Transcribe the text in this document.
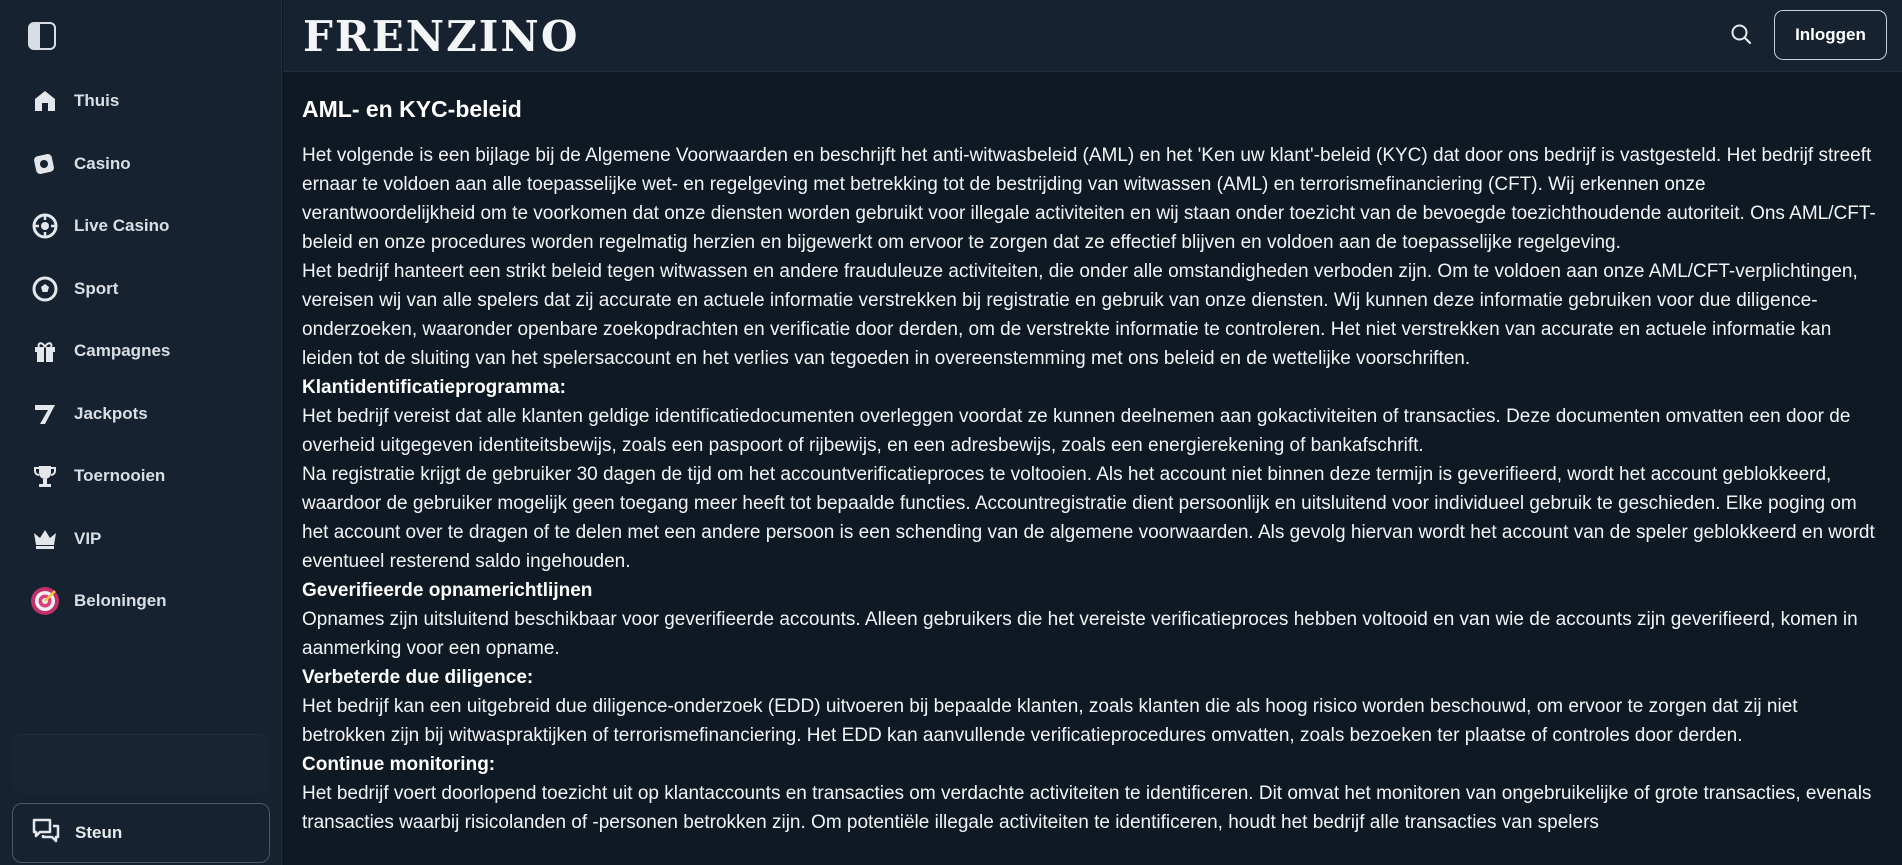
‹
Thuis
Casino
Live Casino
Sport
Campagnes
Jackpots
Toernooien
VIP
Beloningen
Steun
FRENZINO	Inloggen
AML- en KYC-beleid

Het volgende is een bijlage bij de Algemene Voorwaarden en beschrijft het anti-witwasbeleid (AML) en het 'Ken uw klant'-beleid (KYC) dat door ons bedrijf is vastgesteld. Het bedrijf streeft ernaar te voldoen aan alle toepasselijke wet- en regelgeving met betrekking tot de bestrijding van witwassen (AML) en terrorismefinanciering (CFT). Wij erkennen onze verantwoordelijkheid om te voorkomen dat onze diensten worden gebruikt voor illegale activiteiten en wij staan onder toezicht van de bevoegde toezichthoudende autoriteit. Ons AML/CFT-beleid en onze procedures worden regelmatig herzien en bijgewerkt om ervoor te zorgen dat ze effectief blijven en voldoen aan de toepasselijke regelgeving.

Het bedrijf hanteert een strikt beleid tegen witwassen en andere frauduleuze activiteiten, die onder alle omstandigheden verboden zijn. Om te voldoen aan onze AML/CFT-verplichtingen, vereisen wij van alle spelers dat zij accurate en actuele informatie verstrekken bij registratie en gebruik van onze diensten. Wij kunnen deze informatie gebruiken voor due diligence-onderzoeken, waaronder openbare zoekopdrachten en verificatie door derden, om de verstrekte informatie te controleren. Het niet verstrekken van accurate en actuele informatie kan leiden tot de sluiting van het spelersaccount en het verlies van tegoeden in overeenstemming met ons beleid en de wettelijke voorschriften.

Klantidentificatieprogramma:

Het bedrijf vereist dat alle klanten geldige identificatiedocumenten overleggen voordat ze kunnen deelnemen aan gokactiviteiten of transacties. Deze documenten omvatten een door de overheid uitgegeven identiteitsbewijs, zoals een paspoort of rijbewijs, en een adresbewijs, zoals een energierekening of bankafschrift.

Na registratie krijgt de gebruiker 30 dagen de tijd om het accountverificatieproces te voltooien. Als het account niet binnen deze termijn is geverifieerd, wordt het account geblokkeerd, waardoor de gebruiker mogelijk geen toegang meer heeft tot bepaalde functies. Accountregistratie dient persoonlijk en uitsluitend voor individueel gebruik te geschieden. Elke poging om het account over te dragen of te delen met een andere persoon is een schending van de algemene voorwaarden. Als gevolg hiervan wordt het account van de speler geblokkeerd en wordt eventueel resterend saldo ingehouden.

Geverifieerde opnamerichtlijnen

Opnames zijn uitsluitend beschikbaar voor geverifieerde accounts. Alleen gebruikers die het vereiste verificatieproces hebben voltooid en van wie de accounts zijn geverifieerd, komen in aanmerking voor een opname.

Verbeterde due diligence:

Het bedrijf kan een uitgebreid due diligence-onderzoek (EDD) uitvoeren bij bepaalde klanten, zoals klanten die als hoog risico worden beschouwd, om ervoor te zorgen dat zij niet betrokken zijn bij witwaspraktijken of terrorismefinanciering. Het EDD kan aanvullende verificatieprocedures omvatten, zoals bezoeken ter plaatse of controles door derden.

Continue monitoring:

Het bedrijf voert doorlopend toezicht uit op klantaccounts en transacties om verdachte activiteiten te identificeren. Dit omvat het monitoren van ongebruikelijke of grote transacties, evenals transacties waarbij risicolanden of -personen betrokken zijn. Om potentiële illegale activiteiten te identificeren, houdt het bedrijf alle transacties van spelers
